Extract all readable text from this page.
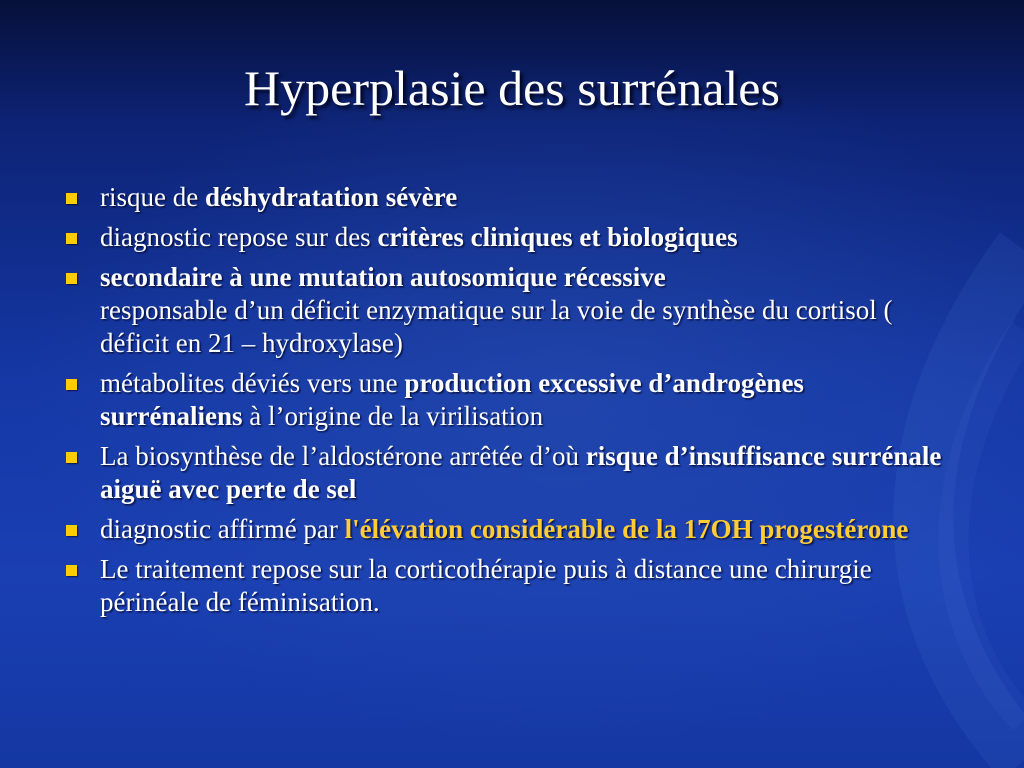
Hyperplasie des surrénales
risque de déshydratation sévère
diagnostic repose sur des critères cliniques et biologiques
secondaire à une mutation autosomique récessive
responsable d’un déficit enzymatique sur la voie de synthèse du cortisol ( déficit en 21 – hydroxylase)
métabolites déviés vers une production excessive d’androgènes surrénaliens à l’origine de la virilisation
La biosynthèse de l’aldostérone arrêtée d’où risque d’insuffisance surrénale aiguë avec perte de sel
diagnostic affirmé par l'élévation considérable de la 17OH progestérone
Le traitement repose sur la corticothérapie puis à distance une chirurgie périnéale de féminisation.
